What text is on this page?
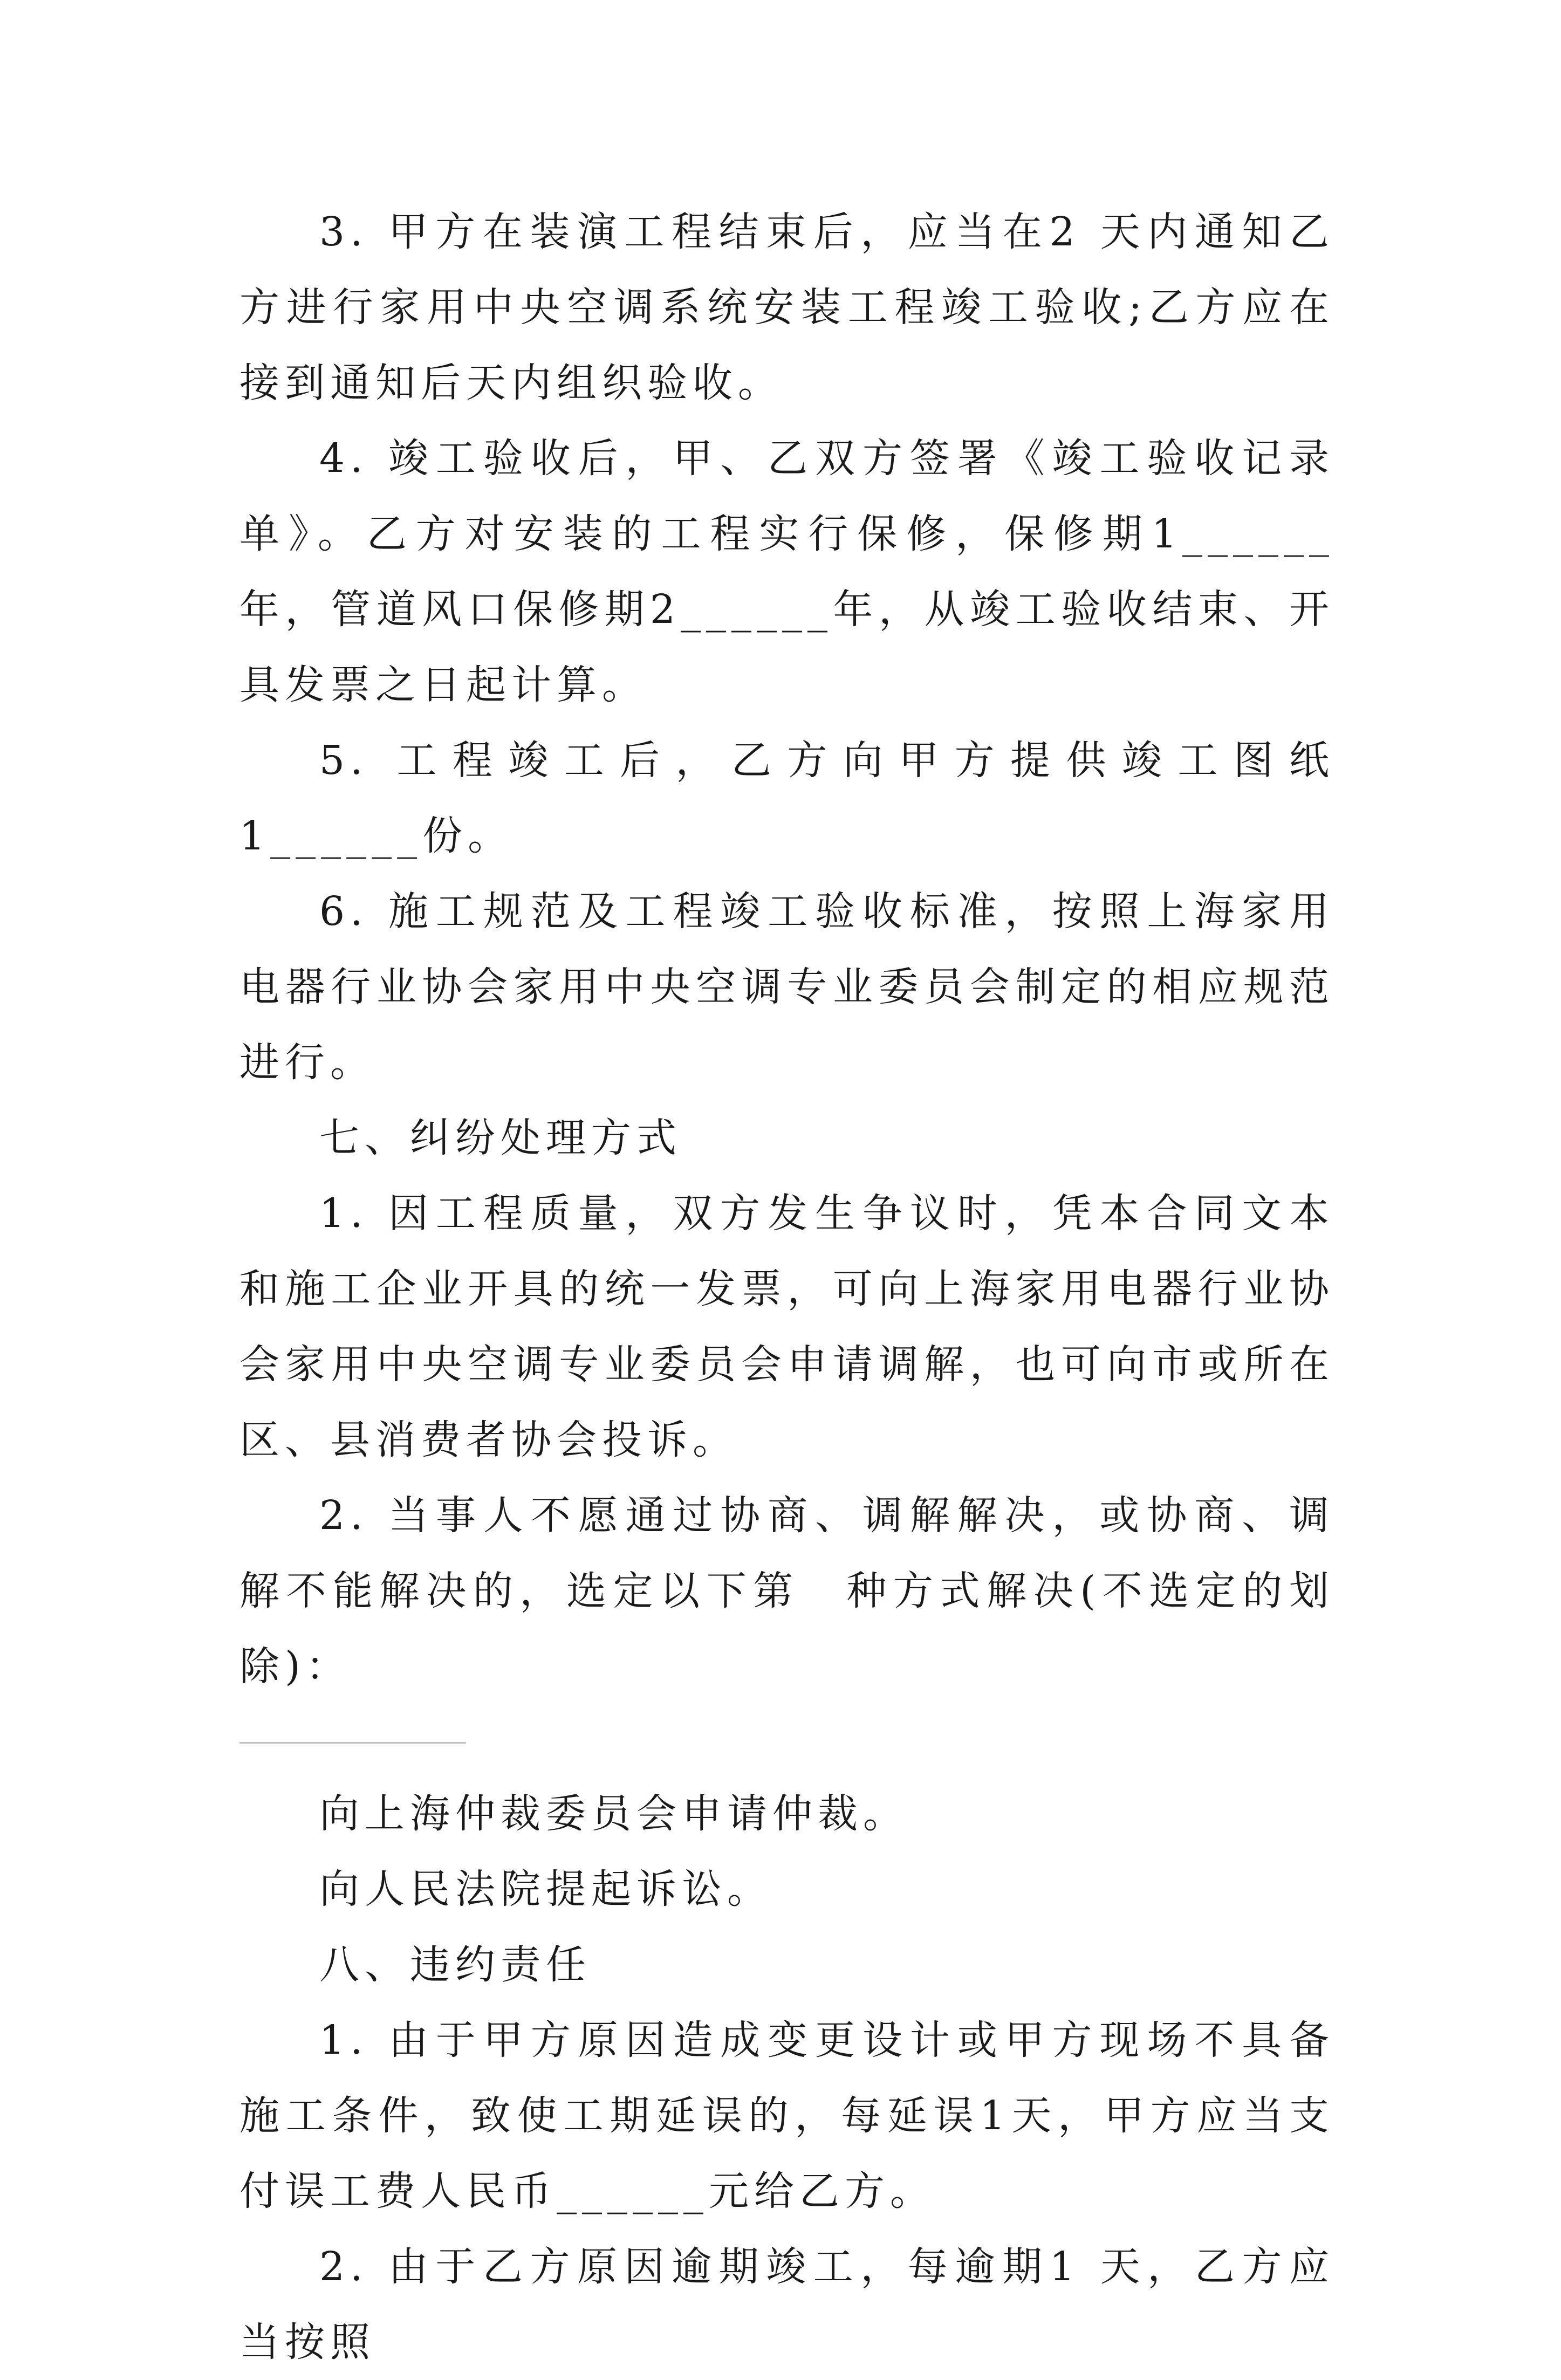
3. 甲方在装演工程结束后，应当在2 天内通知乙方进行家用中央空调系统安装工程竣工验收;乙方应在接到通知后天内组织验收。

4. 竣工验收后，甲、乙双方签署《竣工验收记录单》。乙方对安装的工程实行保修，保修期1______年，管道风口保修期2______年，从竣工验收结束、开具发票之日起计算。

5. 工程竣工后，乙方向甲方提供竣工图纸1______份。

6. 施工规范及工程竣工验收标准，按照上海家用电器行业协会家用中央空调专业委员会制定的相应规范进行。

七、纠纷处理方式

1. 因工程质量，双方发生争议时，凭本合同文本和施工企业开具的统一发票，可向上海家用电器行业协会家用中央空调专业委员会申请调解，也可向市或所在区、县消费者协会投诉。

2. 当事人不愿通过协商、调解解决，或协商、调解不能解决的，选定以下第　种方式解决(不选定的划除)：

向上海仲裁委员会申请仲裁。

向人民法院提起诉讼。

八、违约责任

1. 由于甲方原因造成变更设计或甲方现场不具备施工条件，致使工期延误的，每延误1天，甲方应当支付误工费人民币______元给乙方。

2. 由于乙方原因逾期竣工，每逾期1 天，乙方应当按照
